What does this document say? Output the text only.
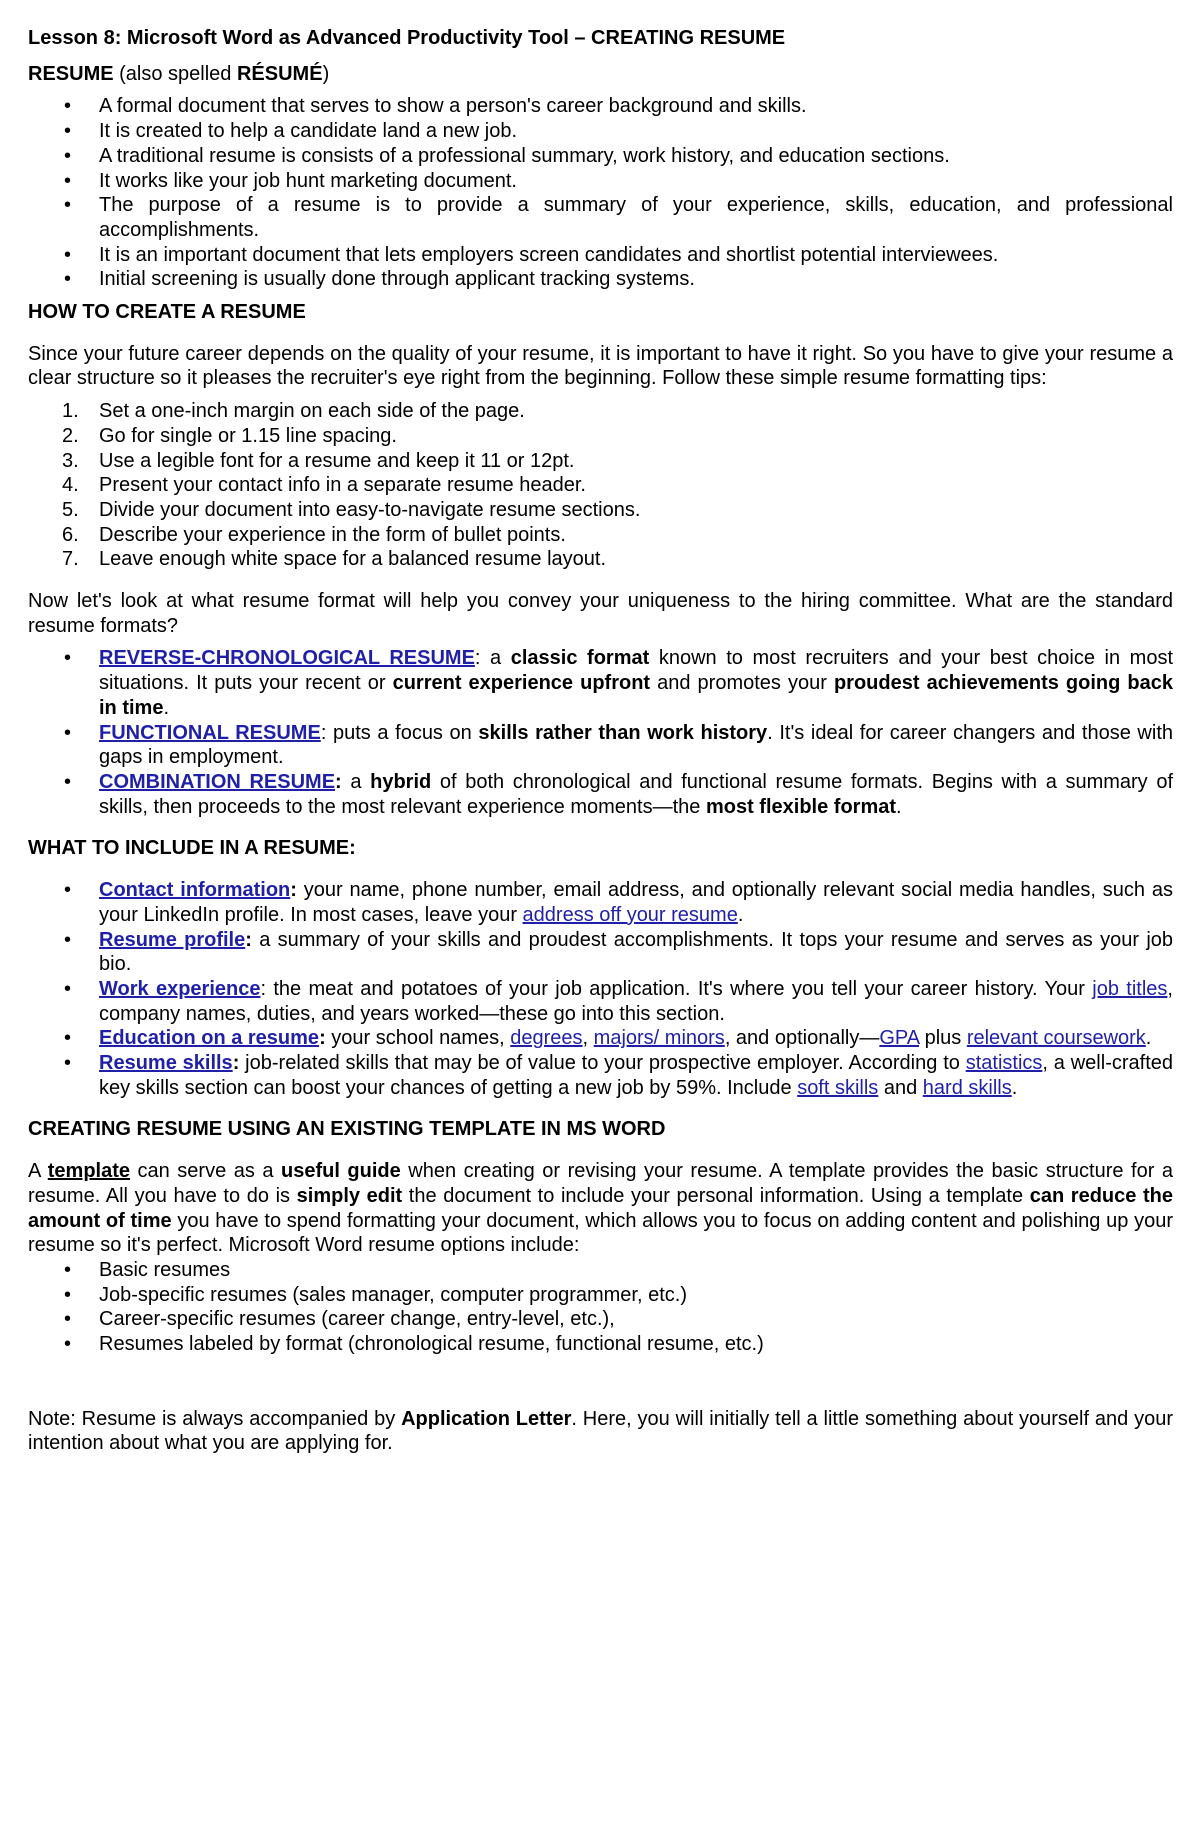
Lesson 8: Microsoft Word as Advanced Productivity Tool – CREATING RESUME

RESUME (also spelled RÉSUMÉ)

• A formal document that serves to show a person's career background and skills.
• It is created to help a candidate land a new job.
• A traditional resume is consists of a professional summary, work history, and education sections.
• It works like your job hunt marketing document.
• The purpose of a resume is to provide a summary of your experience, skills, education, and professional accomplishments.
• It is an important document that lets employers screen candidates and shortlist potential interviewees.
• Initial screening is usually done through applicant tracking systems.

HOW TO CREATE A RESUME

Since your future career depends on the quality of your resume, it is important to have it right. So you have to give your resume a clear structure so it pleases the recruiter's eye right from the beginning. Follow these simple resume formatting tips:

1. Set a one-inch margin on each side of the page.
2. Go for single or 1.15 line spacing.
3. Use a legible font for a resume and keep it 11 or 12pt.
4. Present your contact info in a separate resume header.
5. Divide your document into easy-to-navigate resume sections.
6. Describe your experience in the form of bullet points.
7. Leave enough white space for a balanced resume layout.

Now let's look at what resume format will help you convey your uniqueness to the hiring committee. What are the standard resume formats?

• REVERSE-CHRONOLOGICAL RESUME: a classic format known to most recruiters and your best choice in most situations. It puts your recent or current experience upfront and promotes your proudest achievements going back in time.
• FUNCTIONAL RESUME: puts a focus on skills rather than work history. It's ideal for career changers and those with gaps in employment.
• COMBINATION RESUME: a hybrid of both chronological and functional resume formats. Begins with a summary of skills, then proceeds to the most relevant experience moments—the most flexible format.

WHAT TO INCLUDE IN A RESUME:

• Contact information: your name, phone number, email address, and optionally relevant social media handles, such as your LinkedIn profile. In most cases, leave your address off your resume.
• Resume profile: a summary of your skills and proudest accomplishments. It tops your resume and serves as your job bio.
• Work experience: the meat and potatoes of your job application. It's where you tell your career history. Your job titles, company names, duties, and years worked—these go into this section.
• Education on a resume: your school names, degrees, majors/ minors, and optionally—GPA plus relevant coursework.
• Resume skills: job-related skills that may be of value to your prospective employer. According to statistics, a well-crafted key skills section can boost your chances of getting a new job by 59%. Include soft skills and hard skills.

CREATING RESUME USING AN EXISTING TEMPLATE IN MS WORD

A template can serve as a useful guide when creating or revising your resume. A template provides the basic structure for a resume. All you have to do is simply edit the document to include your personal information. Using a template can reduce the amount of time you have to spend formatting your document, which allows you to focus on adding content and polishing up your resume so it's perfect. Microsoft Word resume options include:

• Basic resumes
• Job-specific resumes (sales manager, computer programmer, etc.)
• Career-specific resumes (career change, entry-level, etc.),
• Resumes labeled by format (chronological resume, functional resume, etc.)

Note: Resume is always accompanied by Application Letter. Here, you will initially tell a little something about yourself and your intention about what you are applying for.
